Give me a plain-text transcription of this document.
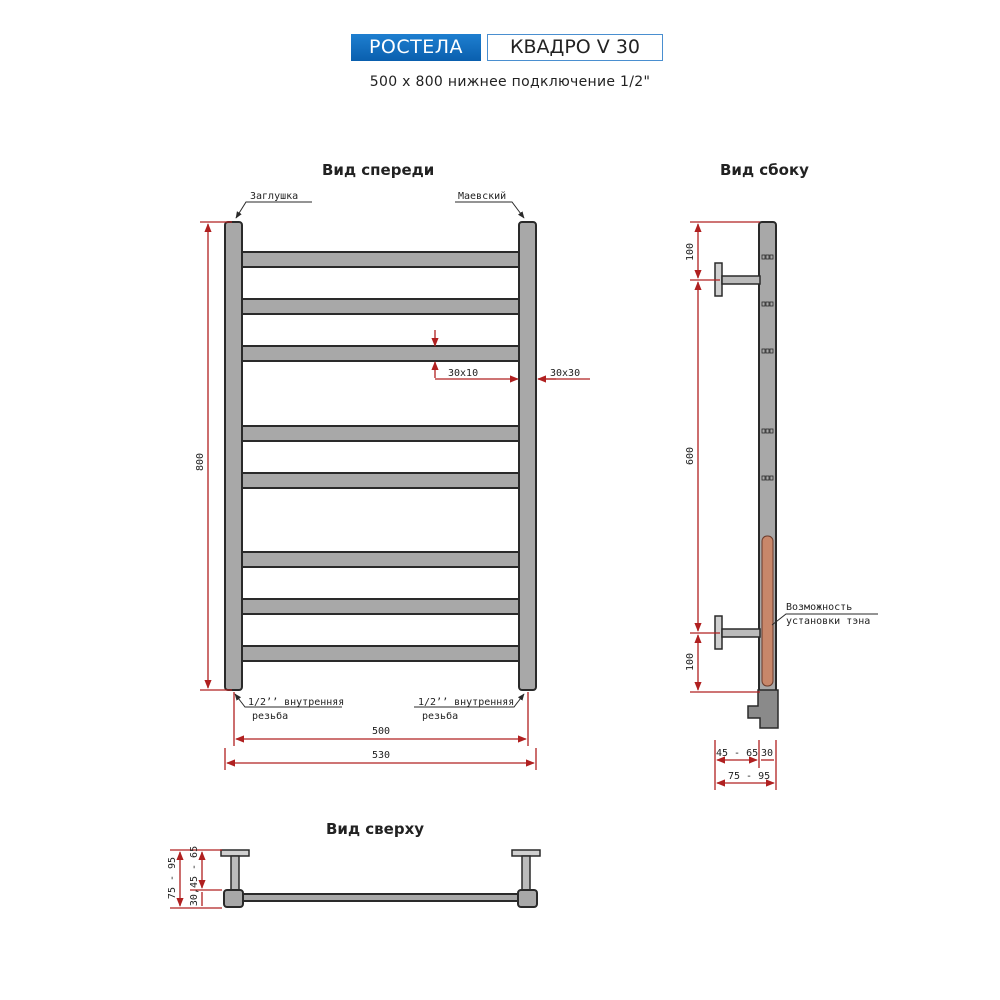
РОСТЕЛА	КВАДРО V 30
500 x 800 нижнее подключение 1/2"
Вид спереди
Заглушка	Маевский
1/2’’ внутренняя
резьба
1/2’’ внутренняя
резьба
800
30x10	30x30
500
530
Вид сбоку
Возможность
установки тэна
100
600
100
45 - 65 30
75 - 95
Вид сверху
75 - 95 30,45 - 65
